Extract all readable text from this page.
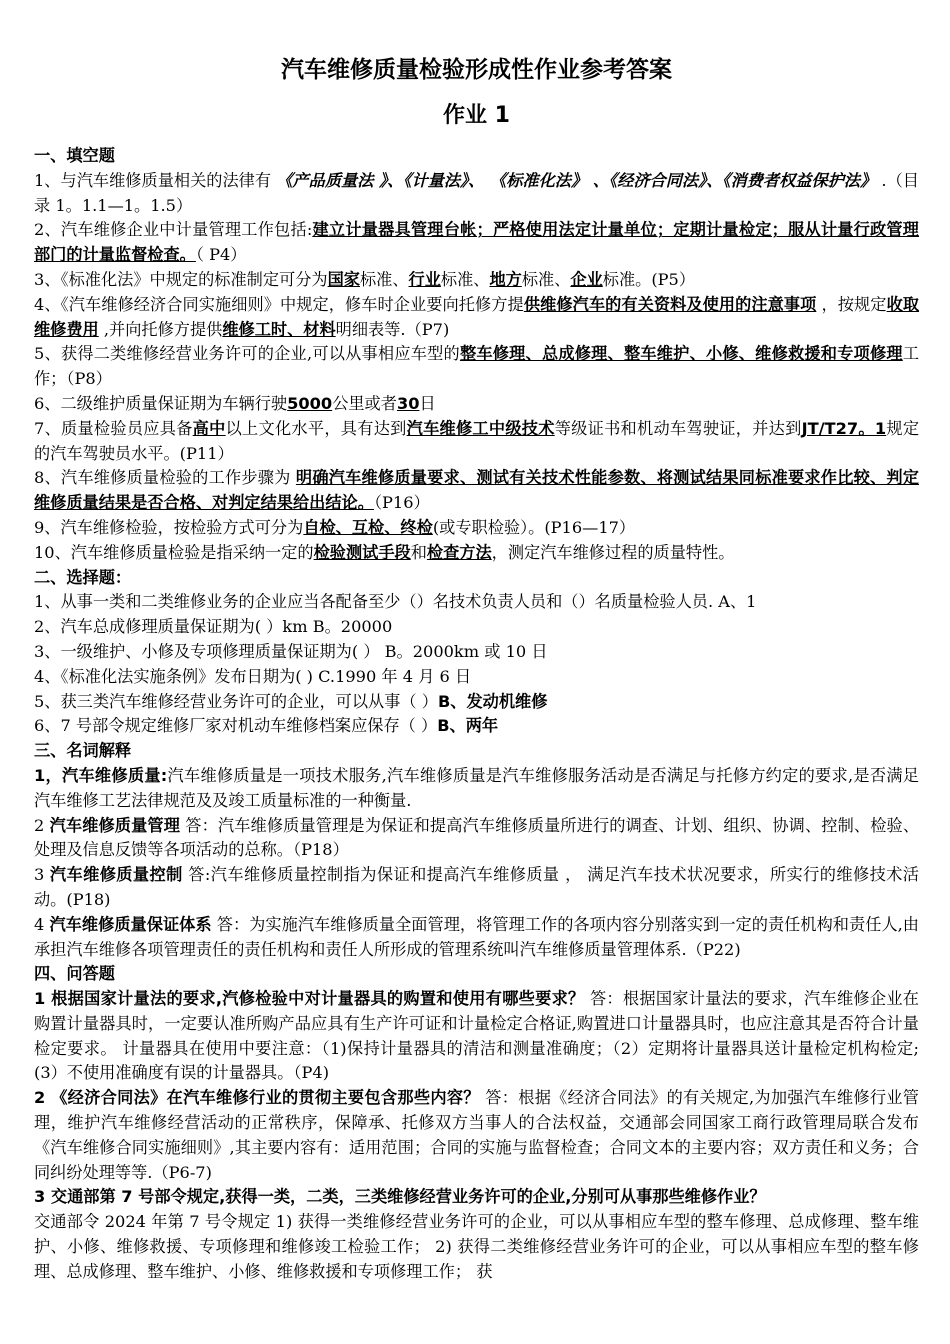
汽车维修质量检验形成性作业参考答案
作业 1
一、填空题

1、与汽车维修质量相关的法律有 《产品质量法 》、《计量法》、 《标准化法》 、《经济合同法》、《消费者权益保护法》 .（目录 1。1.1—1。1.5）

2、汽车维修企业中计量管理工作包括:建立计量器具管理台帐；严格使用法定计量单位；定期计量检定；服从计量行政管理部门的计量监督检查。（ P4）

3、《标准化法》中规定的标准制定可分为国家标准、行业标准、地方标准、企业标准。(P5）

4、《汽车维修经济合同实施细则》中规定，修车时企业要向托修方提供维修汽车的有关资料及使用的注意事项 ，按规定收取维修费用 ,并向托修方提供维修工时、材料明细表等.（P7)

5、获得二类维修经营业务许可的企业,可以从事相应车型的整车修理、总成修理、整车维护、小修、维修救援和专项修理工作；（P8）

6、二级维护质量保证期为车辆行驶5000公里或者30日

7、质量检验员应具备高中以上文化水平，具有达到汽车维修工中级技术等级证书和机动车驾驶证，并达到JT/T27。1规定的汽车驾驶员水平。(P11）

8、汽车维修质量检验的工作步骤为 明确汽车维修质量要求、测试有关技术性能参数、将测试结果同标准要求作比较、判定维修质量结果是否合格、对判定结果给出结论。（P16）

9、汽车维修检验，按检验方式可分为自检、互检、终检(或专职检验）。(P16—17）

10、汽车维修质量检验是指采纳一定的检验测试手段和检查方法，测定汽车维修过程的质量特性。

二、选择题：

1、从事一类和二类维修业务的企业应当各配备至少（）名技术负责人员和（）名质量检验人员. A、1

2、汽车总成修理质量保证期为( ）km B。20000

3、一级维护、小修及专项修理质量保证期为( ） B。2000km 或 10 日

4、《标准化法实施条例》发布日期为( ) C.1990 年 4 月 6 日

5、获三类汽车维修经营业务许可的企业，可以从事（ ）B、发动机维修

6、7 号部令规定维修厂家对机动车维修档案应保存（ ）B、两年

三、名词解释

1，汽车维修质量:汽车维修质量是一项技术服务,汽车维修质量是汽车维修服务活动是否满足与托修方约定的要求,是否满足汽车维修工艺法律规范及及竣工质量标准的一种衡量.

2 汽车维修质量管理 答：汽车维修质量管理是为保证和提高汽车维修质量所进行的调查、计划、组织、协调、控制、检验、处理及信息反馈等各项活动的总称。（P18）

3 汽车维修质量控制 答:汽车维修质量控制指为保证和提高汽车维修质量 ， 满足汽车技术状况要求，所实行的维修技术活动。(P18)

4 汽车维修质量保证体系 答：为实施汽车维修质量全面管理，将管理工作的各项内容分别落实到一定的责任机构和责任人,由承担汽车维修各项管理责任的责任机构和责任人所形成的管理系统叫汽车维修质量管理体系.（P22)

四、问答题

1 根据国家计量法的要求,汽修检验中对计量器具的购置和使用有哪些要求？ 答：根据国家计量法的要求，汽车维修企业在购置计量器具时，一定要认准所购产品应具有生产许可证和计量检定合格证,购置进口计量器具时，也应注意其是否符合计量检定要求。 计量器具在使用中要注意：（1)保持计量器具的清洁和测量准确度；（2）定期将计量器具送计量检定机构检定;(3）不使用准确度有误的计量器具。（P4)

2 《经济合同法》在汽车维修行业的贯彻主要包含那些内容？ 答：根据《经济合同法》的有关规定,为加强汽车维修行业管理，维护汽车维修经营活动的正常秩序，保障承、托修双方当事人的合法权益，交通部会同国家工商行政管理局联合发布《汽车维修合同实施细则》,其主要内容有：适用范围；合同的实施与监督检查；合同文本的主要内容；双方责任和义务；合同纠纷处理等等.（P6-7)

3 交通部第 7 号部令规定,获得一类，二类，三类维修经营业务许可的企业,分别可从事那些维修作业？

交通部令 2024 年第 7 号令规定 1) 获得一类维修经营业务许可的企业，可以从事相应车型的整车修理、总成修理、整车维护、小修、维修救援、专项修理和维修竣工检验工作； 2) 获得二类维修经营业务许可的企业，可以从事相应车型的整车修理、总成修理、整车维护、小修、维修救援和专项修理工作； 获
